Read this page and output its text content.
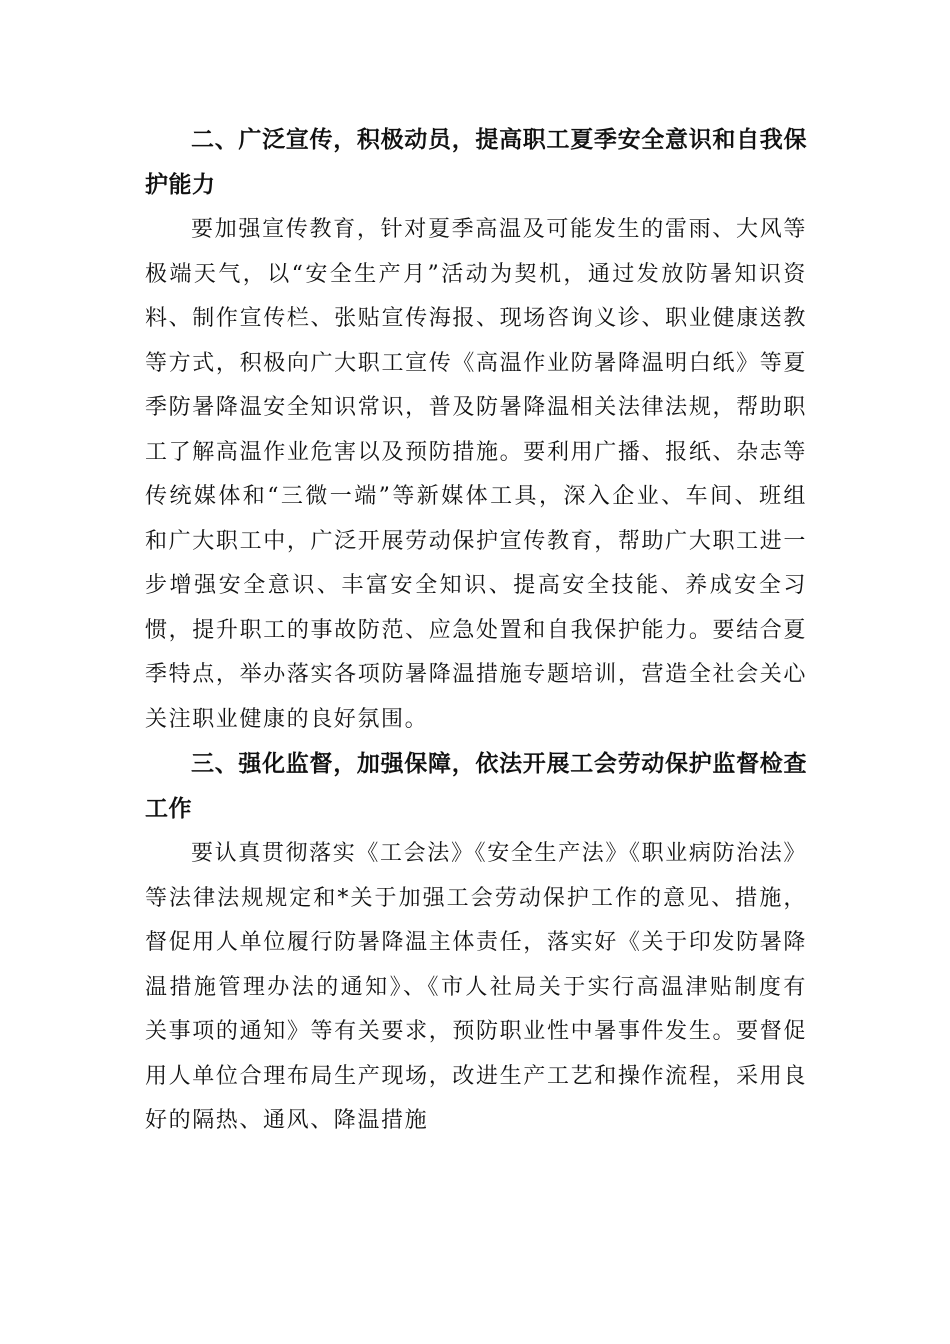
二、广泛宣传，积极动员，提高职工夏季安全意识和自我保护能力

要加强宣传教育，针对夏季高温及可能发生的雷雨、大风等极端天气，以“安全生产月”活动为契机，通过发放防暑知识资料、制作宣传栏、张贴宣传海报、现场咨询义诊、职业健康送教等方式，积极向广大职工宣传《高温作业防暑降温明白纸》等夏季防暑降温安全知识常识，普及防暑降温相关法律法规，帮助职工了解高温作业危害以及预防措施。要利用广播、报纸、杂志等传统媒体和“三微一端”等新媒体工具，深入企业、车间、班组和广大职工中，广泛开展劳动保护宣传教育，帮助广大职工进一步增强安全意识、丰富安全知识、提高安全技能、养成安全习惯，提升职工的事故防范、应急处置和自我保护能力。要结合夏季特点，举办落实各项防暑降温措施专题培训，营造全社会关心关注职业健康的良好氛围。

三、强化监督，加强保障，依法开展工会劳动保护监督检查工作

要认真贯彻落实《工会法》《安全生产法》《职业病防治法》等法律法规规定和*关于加强工会劳动保护工作的意见、措施，督促用人单位履行防暑降温主体责任，落实好《关于印发防暑降温措施管理办法的通知》、《市人社局关于实行高温津贴制度有关事项的通知》等有关要求，预防职业性中暑事件发生。要督促用人单位合理布局生产现场，改进生产工艺和操作流程，采用良好的隔热、通风、降温措施
